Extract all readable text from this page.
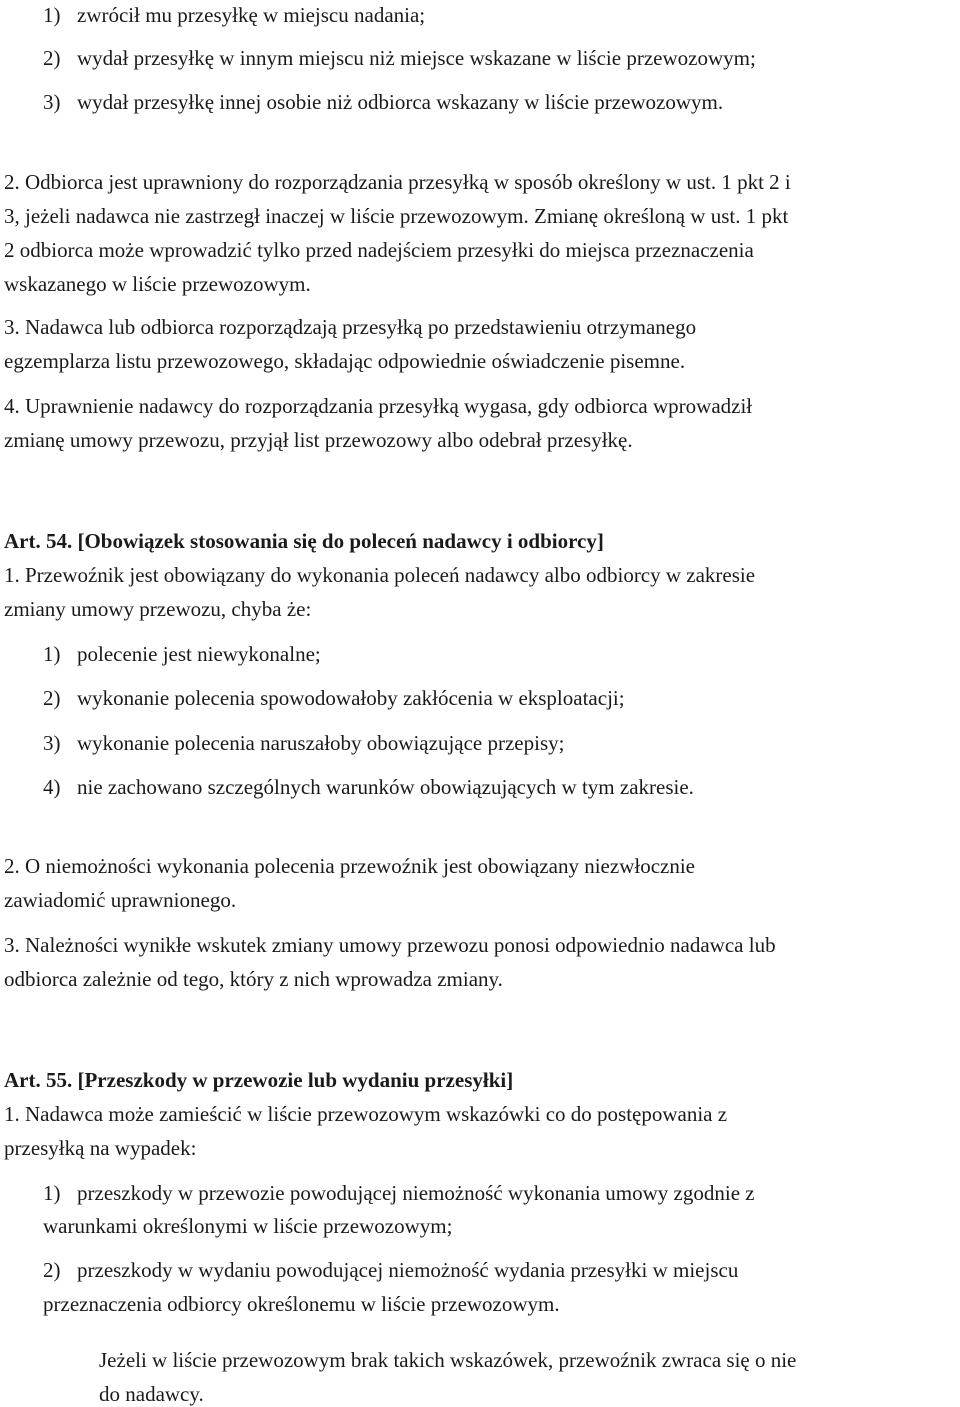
1) zwrócił mu przesyłkę w miejscu nadania;
2) wydał przesyłkę w innym miejscu niż miejsce wskazane w liście przewozowym;
3) wydał przesyłkę innej osobie niż odbiorca wskazany w liście przewozowym.
2. Odbiorca jest uprawniony do rozporządzania przesyłką w sposób określony w ust. 1 pkt 2 i
3, jeżeli nadawca nie zastrzegł inaczej w liście przewozowym. Zmianę określoną w ust. 1 pkt
2 odbiorca może wprowadzić tylko przed nadejściem przesyłki do miejsca przeznaczenia
wskazanego w liście przewozowym.
3. Nadawca lub odbiorca rozporządzają przesyłką po przedstawieniu otrzymanego
egzemplarza listu przewozowego, składając odpowiednie oświadczenie pisemne.
4. Uprawnienie nadawcy do rozporządzania przesyłką wygasa, gdy odbiorca wprowadził
zmianę umowy przewozu, przyjął list przewozowy albo odebrał przesyłkę.
Art. 54. [Obowiązek stosowania się do poleceń nadawcy i odbiorcy]
1. Przewoźnik jest obowiązany do wykonania poleceń nadawcy albo odbiorcy w zakresie
zmiany umowy przewozu, chyba że:
1) polecenie jest niewykonalne;
2) wykonanie polecenia spowodowałoby zakłócenia w eksploatacji;
3) wykonanie polecenia naruszałoby obowiązujące przepisy;
4) nie zachowano szczególnych warunków obowiązujących w tym zakresie.
2. O niemożności wykonania polecenia przewoźnik jest obowiązany niezwłocznie
zawiadomić uprawnionego.
3. Należności wynikłe wskutek zmiany umowy przewozu ponosi odpowiednio nadawca lub
odbiorca zależnie od tego, który z nich wprowadza zmiany.
Art. 55. [Przeszkody w przewozie lub wydaniu przesyłki]
1. Nadawca może zamieścić w liście przewozowym wskazówki co do postępowania z
przesyłką na wypadek:
1) przeszkody w przewozie powodującej niemożność wykonania umowy zgodnie z
warunkami określonymi w liście przewozowym;
2) przeszkody w wydaniu powodującej niemożność wydania przesyłki w miejscu
przeznaczenia odbiorcy określonemu w liście przewozowym.
Jeżeli w liście przewozowym brak takich wskazówek, przewoźnik zwraca się o nie
do nadawcy.
